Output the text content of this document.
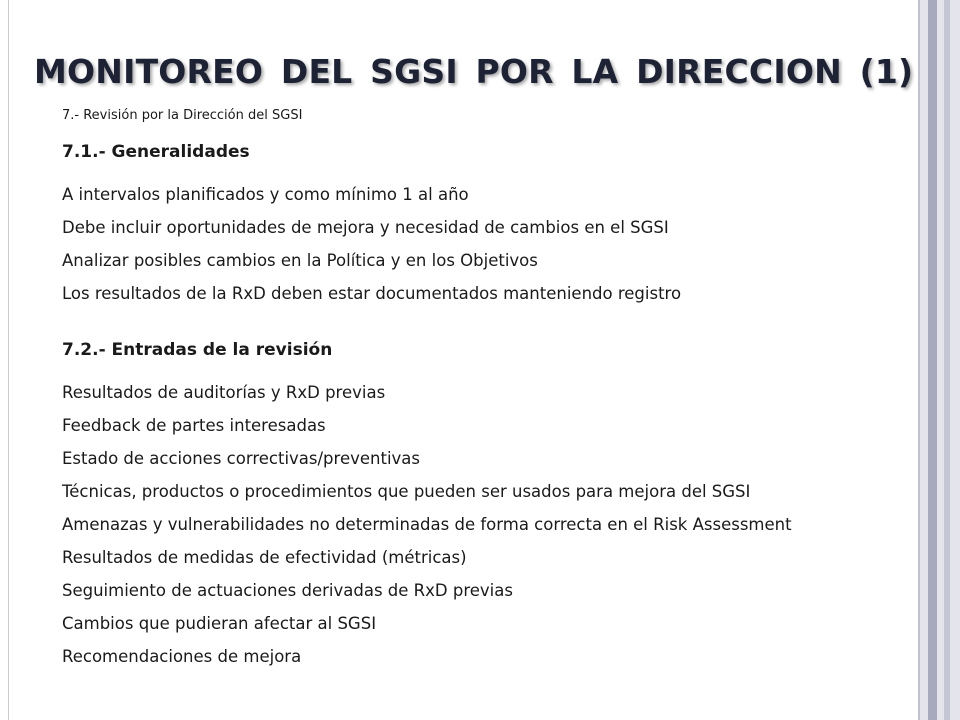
MONITOREO DEL SGSI POR LA DIRECCION (1)
7.- Revisión por la Dirección del SGSI
7.1.- Generalidades
A intervalos planificados y como mínimo 1 al año
Debe incluir oportunidades de mejora y necesidad de cambios en el SGSI
Analizar posibles cambios en la Política y en los Objetivos
Los resultados de la RxD deben estar documentados manteniendo registro
7.2.- Entradas de la revisión
Resultados de auditorías y RxD previas
Feedback de partes interesadas
Estado de acciones correctivas/preventivas
Técnicas, productos o procedimientos que pueden ser usados para mejora del SGSI
Amenazas y vulnerabilidades no determinadas de forma correcta en el Risk Assessment
Resultados de medidas de efectividad (métricas)
Seguimiento de actuaciones derivadas de RxD previas
Cambios que pudieran afectar al SGSI
Recomendaciones de mejora
